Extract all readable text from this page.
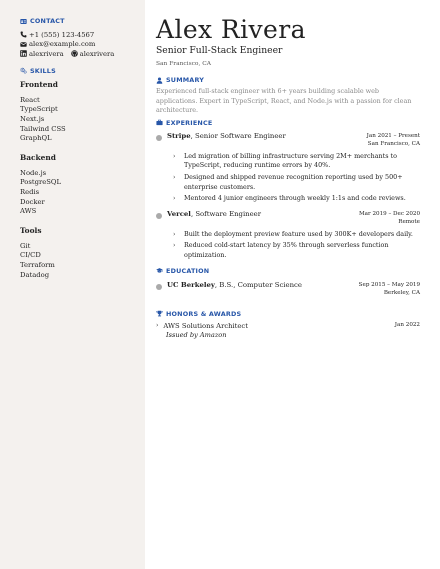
CONTACT
+1 (555) 123-4567
alex@example.com
alexrivera alexrivera
SKILLS
Frontend
React
TypeScript
Next.js
Tailwind CSS
GraphQL
Backend
Node.js
PostgreSQL
Redis
Docker
AWS
Tools
Git
CI/CD
Terraform
Datadog
Alex Rivera
Senior Full-Stack Engineer
San Francisco, CA
SUMMARY
Experienced full-stack engineer with 6+ years building scalable web applications. Expert in TypeScript, React, and Node.js with a passion for clean architecture.
EXPERIENCE
Stripe, Senior Software Engineer	Jan 2021 – Present
San Francisco, CA
›	Led migration of billing infrastructure serving 2M+ merchants to TypeScript, reducing runtime errors by 40%.
›	Designed and shipped revenue recognition reporting used by 500+ enterprise customers.
›	Mentored 4 junior engineers through weekly 1:1s and code reviews.
Vercel, Software Engineer	Mar 2019 – Dec 2020
Remote
›	Built the deployment preview feature used by 300K+ developers daily.
›	Reduced cold-start latency by 35% through serverless function optimization.
EDUCATION
UC Berkeley, B.S., Computer Science	Sep 2015 – May 2019
Berkeley, CA
HONORS & AWARDS
› AWS Solutions Architect	Jan 2022
Issued by Amazon
